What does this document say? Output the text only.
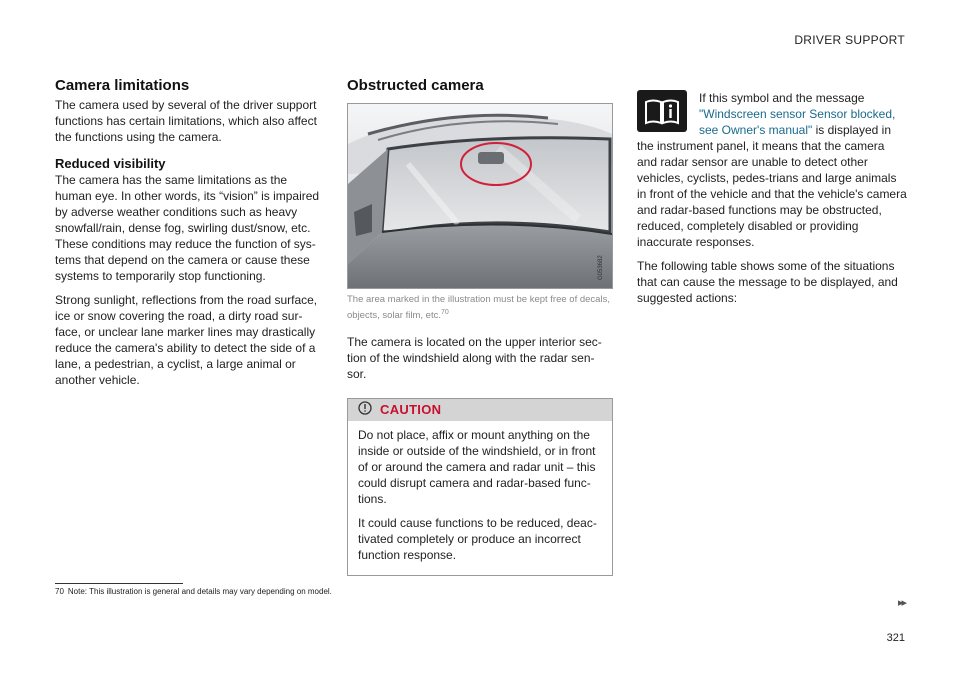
DRIVER SUPPORT
Camera limitations

The camera used by several of the driver support functions has certain limitations, which also affect the functions using the camera.

Reduced visibility

The camera has the same limitations as the human eye. In other words, its “vision” is impaired by adverse weather conditions such as heavy snowfall/rain, dense fog, swirling dust/snow, etc. These conditions may reduce the function of sys-tems that depend on the camera or cause these systems to temporarily stop functioning.

Strong sunlight, reflections from the road surface, ice or snow covering the road, a dirty road sur-face, or unclear lane marker lines may drastically reduce the camera's ability to detect the side of a lane, a pedestrian, a cyclist, a large animal or another vehicle.

Obstructed camera
G053682
The area marked in the illustration must be kept free of decals, objects, solar film, etc.$^{70}$

The camera is located on the upper interior sec-tion of the windshield along with the radar sen-sor.

CAUTION

Do not place, affix or mount anything on the inside or outside of the windshield, or in front of or around the camera and radar unit – this could disrupt camera and radar-based func-tions.

It could cause functions to be reduced, deac-tivated completely or produce an incorrect function response.

If this symbol and the message "Windscreen sensor Sensor blocked, see Owner's manual" is displayed in the instrument panel, it means that the camera and radar sensor are unable to detect other vehicles, cyclists, pedes-trians and large animals in front of the vehicle and that the vehicle's camera and radar-based functions may be obstructed, reduced, completely disabled or providing inaccurate responses.

The following table shows some of the situations that can cause the message to be displayed, and suggested actions:

70 Note: This illustration is general and details may vary depending on model.
▸▸
321
